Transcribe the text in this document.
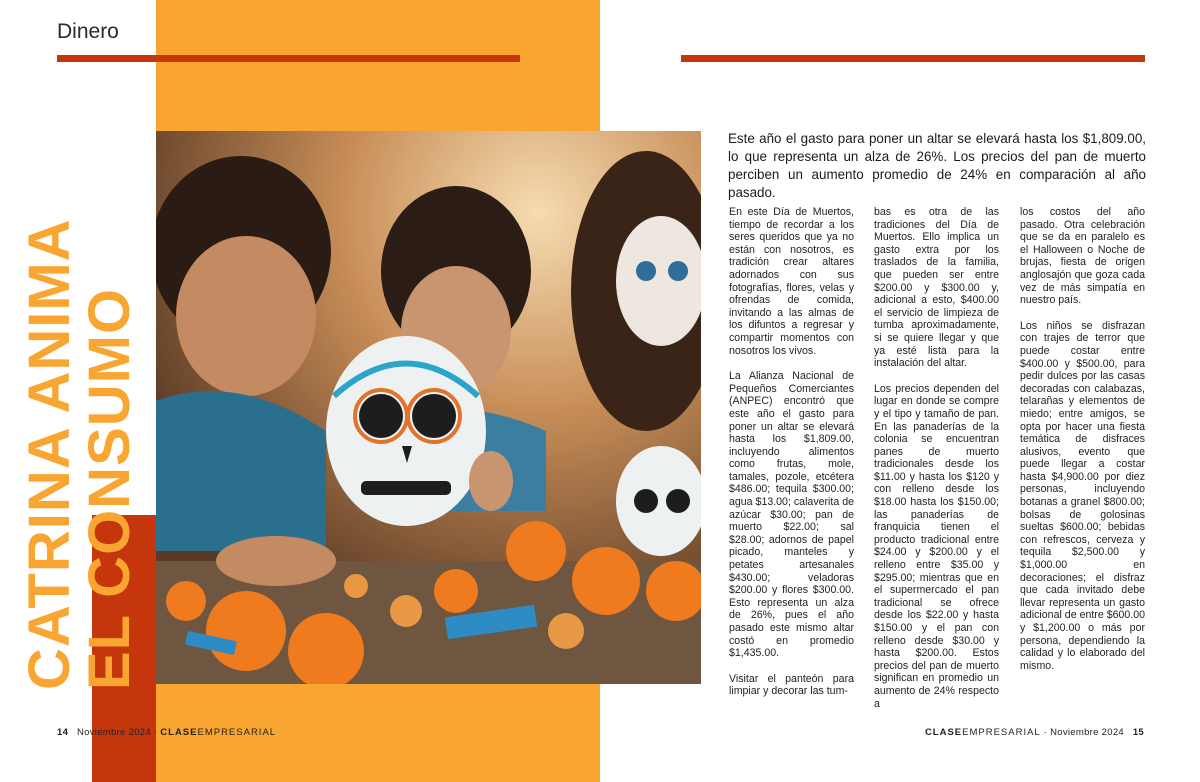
Dinero
CATRINA ANIMA
EL CONSUMO
Este año el gasto para poner un altar se elevará hasta los $1,809.00, lo que representa un alza de 26%. Los precios del pan de muerto perciben un aumento promedio de 24% en comparación al año pasado.

En este Día de Muertos, tiempo de recordar a los seres queridos que ya no están con nosotros, es tradición crear altares adornados con sus fotografías, flores, velas y ofrendas de comida, invitando a las almas de los difuntos a regresar y compartir momentos con nosotros los vivos.

La Alianza Nacional de Pequeños Comerciantes (ANPEC) encontró que este año el gasto para poner un altar se elevará hasta los $1,809.00, incluyendo alimentos como frutas, mole, tamales, pozole, etcétera $486.00; tequila $300.00; agua $13.00; calaverita de azúcar $30.00; pan de muerto $22.00; sal $28.00; adornos de papel picado, manteles y petates artesanales $430.00; veladoras $200.00 y flores $300.00. Esto representa un alza de 26%, pues el año pasado este mismo altar costó en promedio $1,435.00.

Visitar el panteón para limpiar y decorar las tum-

bas es otra de las tradiciones del Día de Muertos. Ello implica un gasto extra por los traslados de la familia, que pueden ser entre $200.00 y $300.00 y, adicional a esto, $400.00 el servicio de limpieza de tumba aproximadamente, si se quiere llegar y que ya esté lista para la instalación del altar.

Los precios dependen del lugar en donde se compre y el tipo y tamaño de pan. En las panaderías de la colonia se encuentran panes de muerto tradicionales desde los $11.00 y hasta los $120 y con relleno desde los $18.00 hasta los $150.00; las panaderías de franquicia tienen el producto tradicional entre $24.00 y $200.00 y el relleno entre $35.00 y $295.00; mientras que en el supermercado el pan tradicional se ofrece desde los $22.00 y hasta $150.00 y el pan con relleno desde $30.00 y hasta $200.00. Estos precios del pan de muerto significan en promedio un aumento de 24% respecto a

los costos del año pasado. Otra celebración que se da en paralelo es el Halloween o Noche de brujas, fiesta de origen anglosajón que goza cada vez de más simpatía en nuestro país.

Los niños se disfrazan con trajes de terror que puede costar entre $400.00 y $500.00, para pedir dulces por las casas decoradas con calabazas, telarañas y elementos de miedo; entre amigos, se opta por hacer una fiesta temática de disfraces alusivos, evento que puede llegar a costar hasta $4,900.00 por diez personas, incluyendo botanas a granel $800.00; bolsas de golosinas sueltas $600.00; bebidas con refrescos, cerveza y tequila $2,500.00 y $1,000.00 en decoraciones; el disfraz que cada invitado debe llevar representa un gasto adicional de entre $600.00 y $1,200.00 o más por persona, dependiendo la calidad y lo elaborado del mismo.

14 Noviembre 2024 · CLASEEMPRESARIAL	CLASEEMPRESARIAL · Noviembre 2024 15
